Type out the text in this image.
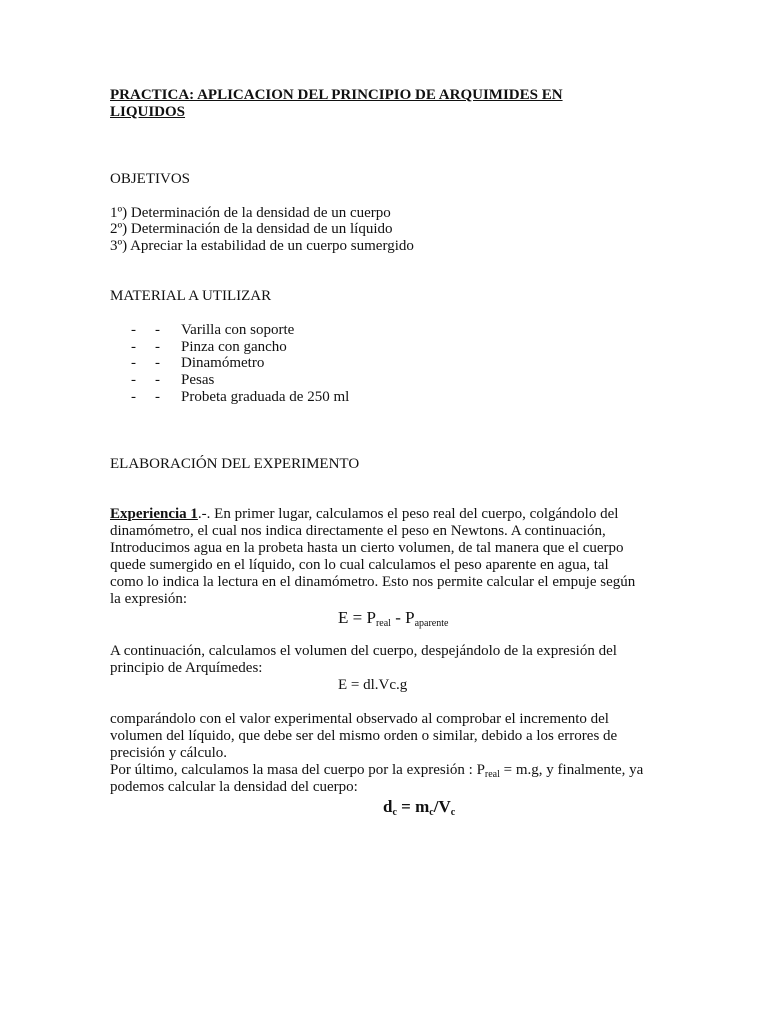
PRACTICA: APLICACION DEL PRINCIPIO DE ARQUIMIDES EN
LIQUIDOS
OBJETIVOS
1º) Determinación de la densidad de un cuerpo
2º) Determinación de la densidad de un líquido
3º) Apreciar la estabilidad de un cuerpo sumergido
MATERIAL A UTILIZAR
- - Varilla con soporte
- - Pinza con gancho
- - Dinamómetro
- - Pesas
- - Probeta graduada de 250 ml
ELABORACIÓN DEL EXPERIMENTO
Experiencia 1.-. En primer lugar, calculamos el peso real del cuerpo, colgándolo del
dinamómetro, el cual nos indica directamente el peso en Newtons. A continuación,
Introducimos agua en la probeta hasta un cierto volumen, de tal manera que el cuerpo
quede sumergido en el líquido, con lo cual calculamos el peso aparente en agua, tal
como lo indica la lectura en el dinamómetro. Esto nos permite calcular el empuje según
la expresión:
$E = P_{real} - P_{aparente}$
A continuación, calculamos el volumen del cuerpo, despejándolo de la expresión del
principio de Arquímedes:
E = dl.Vc.g
comparándolo con el valor experimental observado al comprobar el incremento del
volumen del líquido, que debe ser del mismo orden o similar, debido a los errores de
precisión y cálculo.
Por último, calculamos la masa del cuerpo por la expresión : $P_{real} = m.g$, y finalmente, ya
podemos calcular la densidad del cuerpo:
$d_c = m_c/V_c$
